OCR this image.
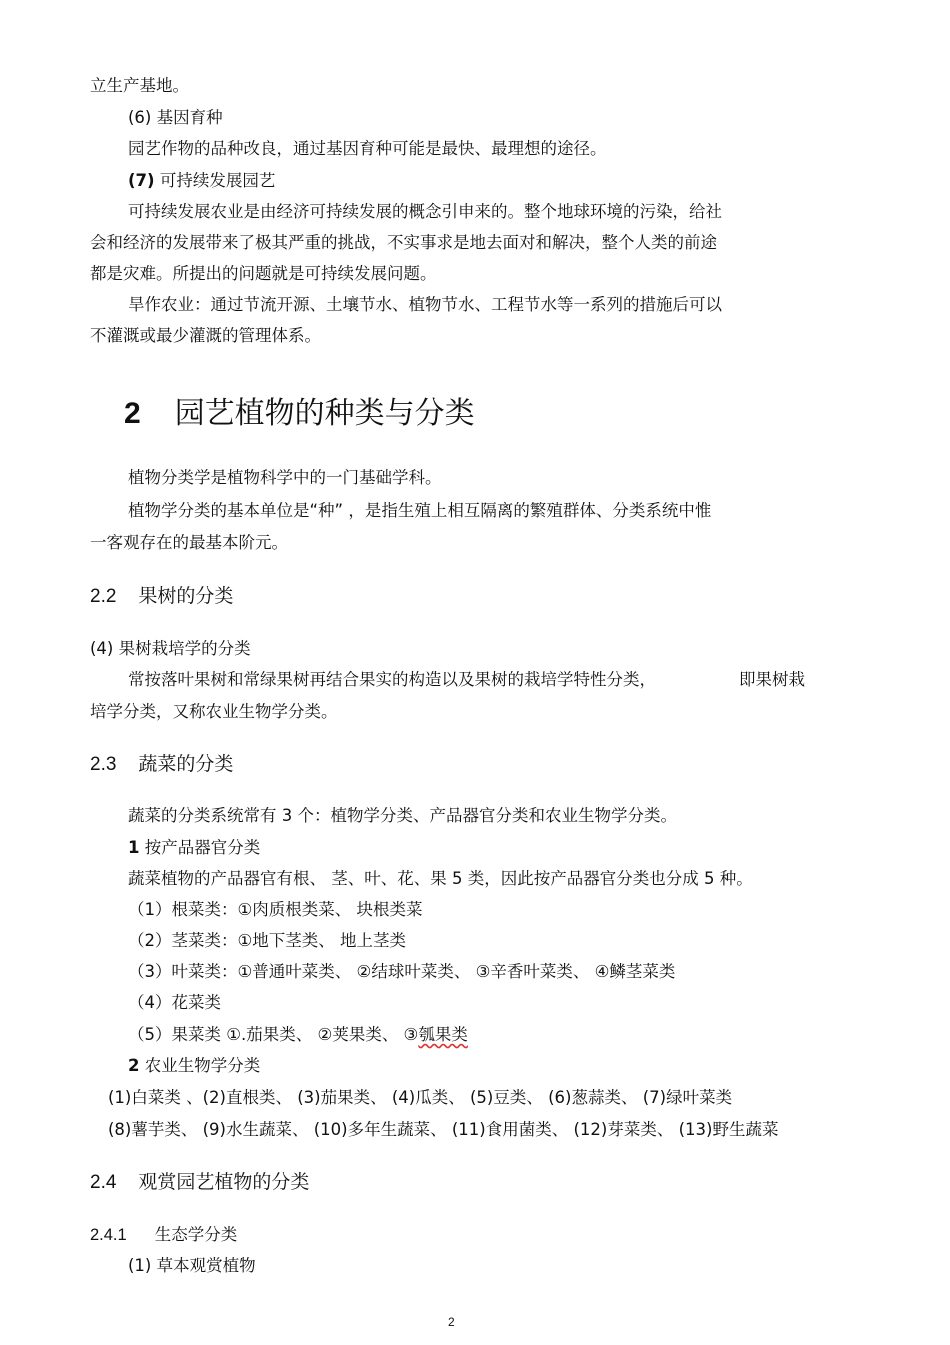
立生产基地。
(6) 基因育种
园艺作物的品种改良，通过基因育种可能是最快、最理想的途径。
(7) 可持续发展园艺
可持续发展农业是由经济可持续发展的概念引申来的。整个地球环境的污染，给社
会和经济的发展带来了极其严重的挑战，不实事求是地去面对和解决，整个人类的前途
都是灾难。所提出的问题就是可持续发展问题。
旱作农业：通过节流开源、土壤节水、植物节水、工程节水等一系列的措施后可以
不灌溉或最少灌溉的管理体系。
2 园艺植物的种类与分类
植物分类学是植物科学中的一门基础学科。
植物学分类的基本单位是“种” ，是指生殖上相互隔离的繁殖群体、分类系统中惟
一客观存在的最基本阶元。
2.2 果树的分类
(4) 果树栽培学的分类
常按落叶果树和常绿果树再结合果实的构造以及果树的栽培学特性分类，	即果树栽
培学分类，又称农业生物学分类。
2.3 蔬菜的分类
蔬菜的分类系统常有 3 个：植物学分类、产品器官分类和农业生物学分类。
1 按产品器官分类
蔬菜植物的产品器官有根、 茎、叶、花、果 5 类，因此按产品器官分类也分成 5 种。
（1）根菜类：①肉质根类菜、 块根类菜
（2）茎菜类：①地下茎类、 地上茎类
（3）叶菜类：①普通叶菜类、 ②结球叶菜类、 ③辛香叶菜类、 ④鳞茎菜类
（4）花菜类
（5）果菜类 ①.茄果类、 ②荚果类、 ③瓠果类
2 农业生物学分类
(1)白菜类 、(2)直根类、 (3)茄果类、 (4)瓜类、 (5)豆类、 (6)葱蒜类、 (7)绿叶菜类
(8)薯芋类、 (9)水生蔬菜、 (10)多年生蔬菜、 (11)食用菌类、 (12)芽菜类、 (13)野生蔬菜
2.4 观赏园艺植物的分类
2.4.1 生态学分类
(1) 草本观赏植物
2
